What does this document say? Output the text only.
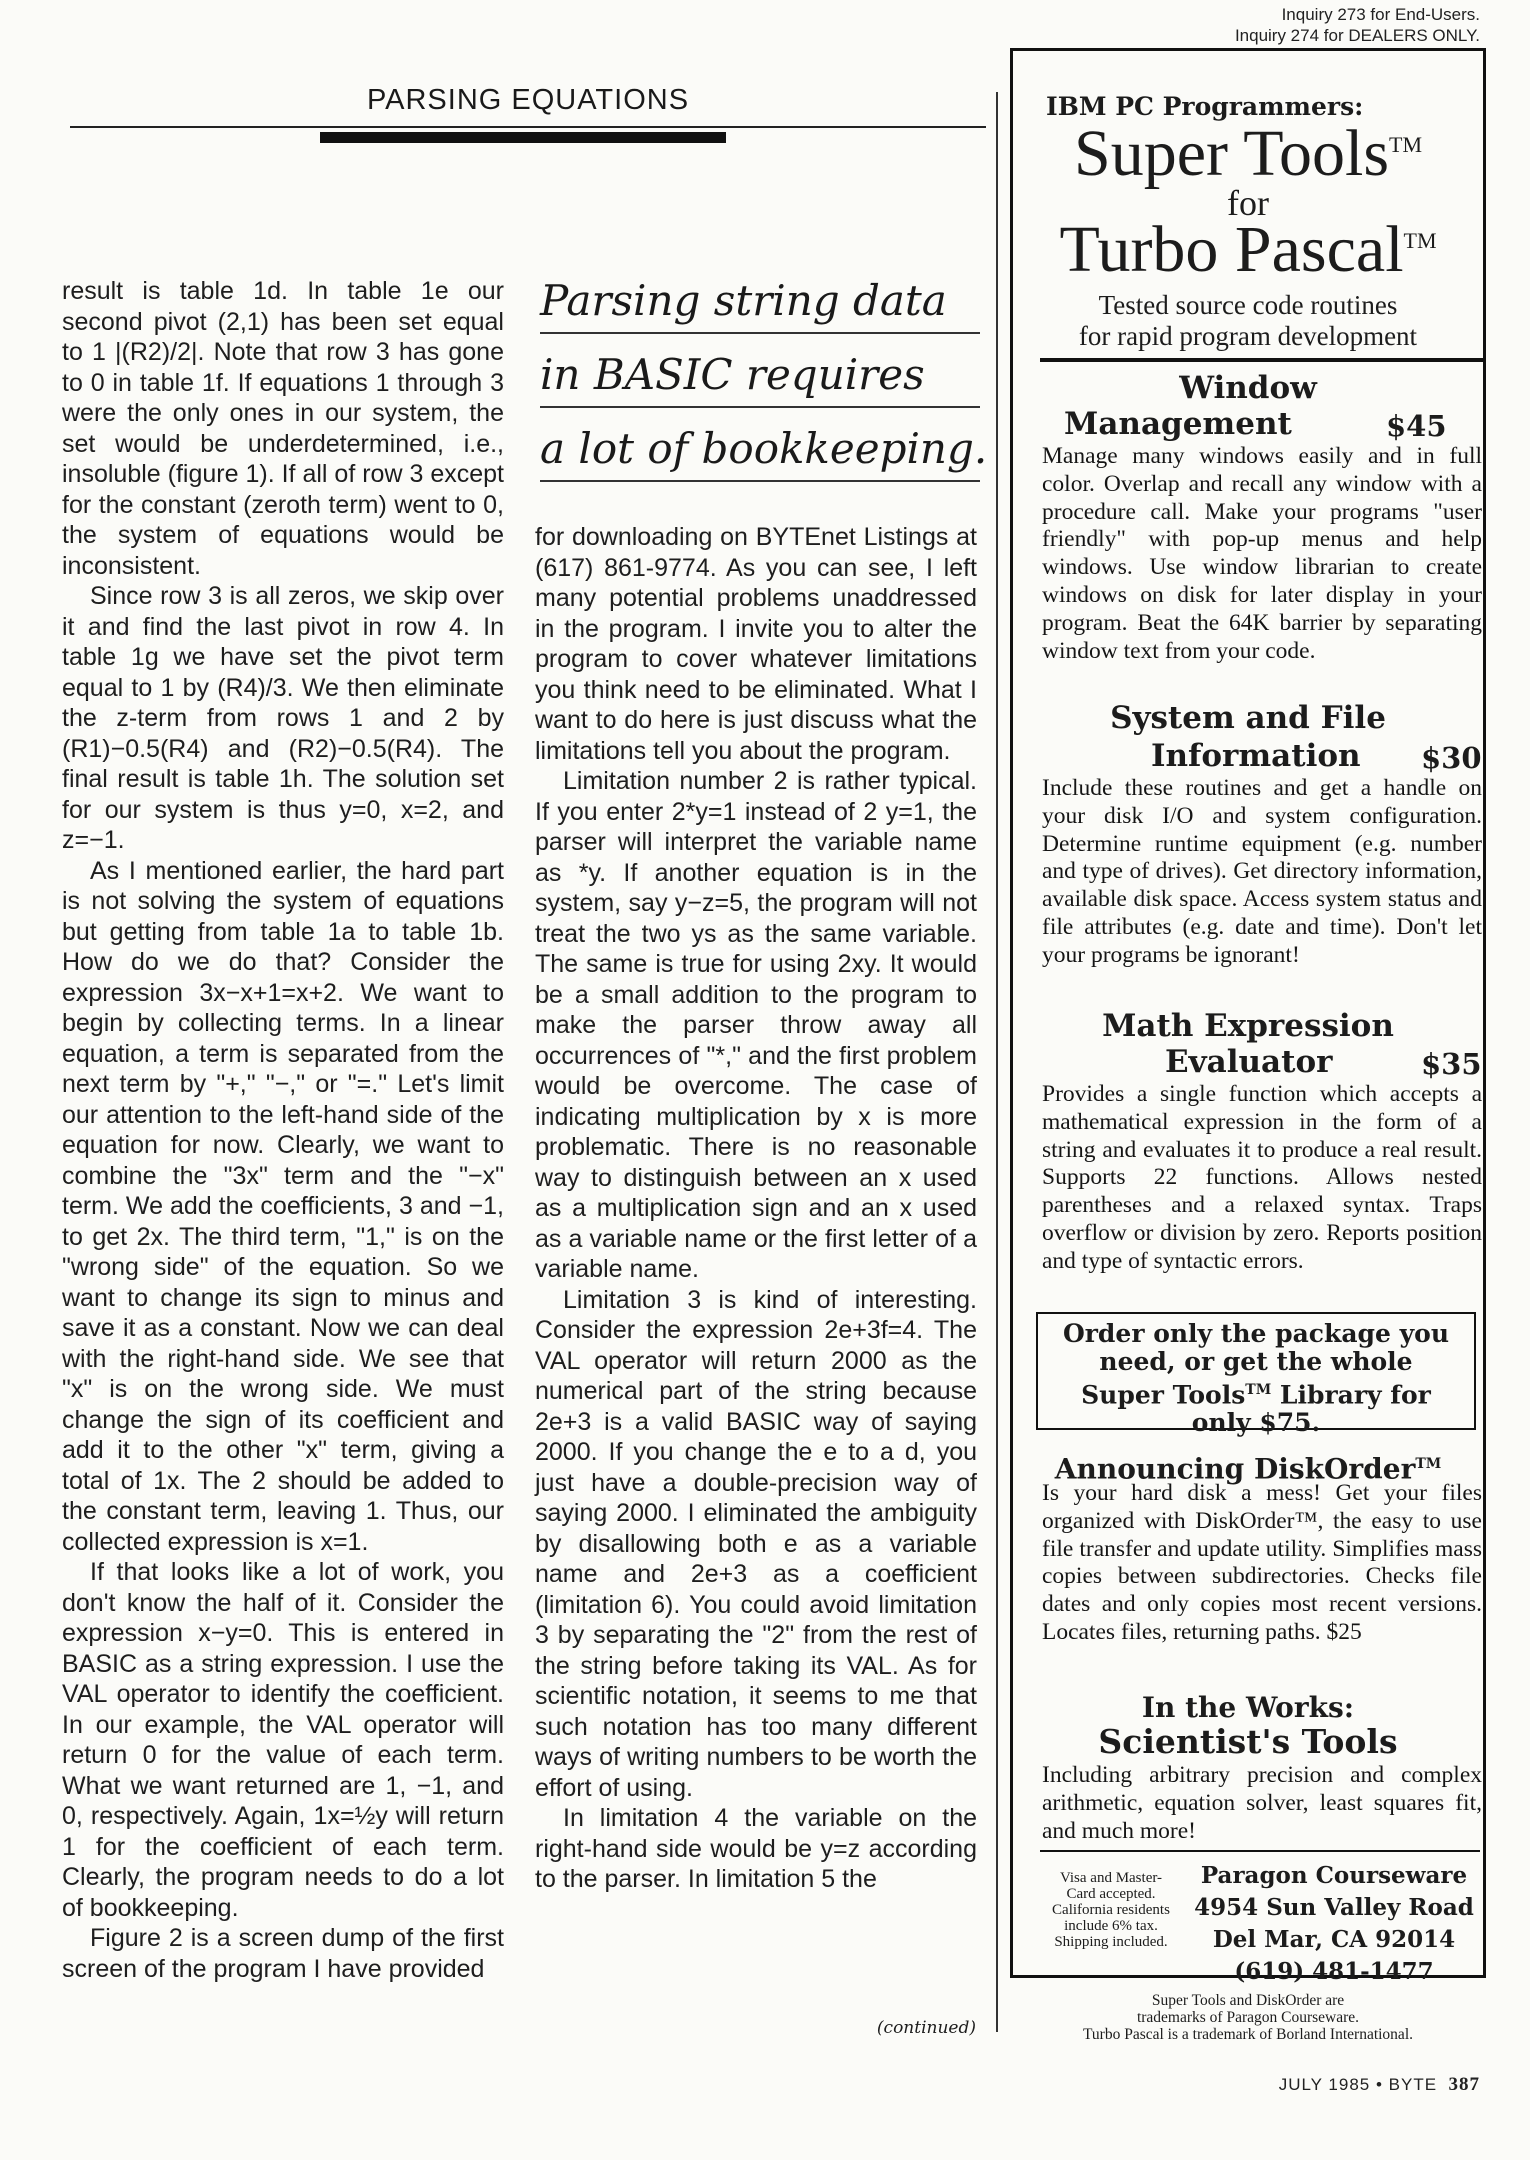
PARSING EQUATIONS

result is table 1d. In table 1e our second pivot (2,1) has been set equal to 1 |(R2)/2|. Note that row 3 has gone to 0 in table 1f. If equations 1 through 3 were the only ones in our system, the set would be underdetermined, i.e., insoluble (figure 1). If all of row 3 except for the constant (zeroth term) went to 0, the system of equations would be inconsistent.

Since row 3 is all zeros, we skip over it and find the last pivot in row 4. In table 1g we have set the pivot term equal to 1 by (R4)/3. We then eliminate the z-term from rows 1 and 2 by (R1)−0.5(R4) and (R2)−0.5(R4). The final result is table 1h. The solution set for our system is thus y=0, x=2, and z=−1.

As I mentioned earlier, the hard part is not solving the system of equations but getting from table 1a to table 1b. How do we do that? Consider the expression 3x−x+1=x+2. We want to begin by collecting terms. In a linear equation, a term is separated from the next term by "+," "−," or "=." Let's limit our attention to the left-hand side of the equation for now. Clearly, we want to combine the "3x" term and the "−x" term. We add the coefficients, 3 and −1, to get 2x. The third term, "1," is on the "wrong side" of the equation. So we want to change its sign to minus and save it as a constant. Now we can deal with the right-hand side. We see that "x" is on the wrong side. We must change the sign of its coefficient and add it to the other "x" term, giving a total of 1x. The 2 should be added to the constant term, leaving 1. Thus, our collected expression is x=1.

If that looks like a lot of work, you don't know the half of it. Consider the expression x−y=0. This is entered in BASIC as a string expression. I use the VAL operator to identify the coefficient. In our example, the VAL operator will return 0 for the value of each term. What we want returned are 1, −1, and 0, respectively. Again, 1x=½y will return 1 for the coefficient of each term. Clearly, the program needs to do a lot of bookkeeping.

Figure 2 is a screen dump of the first screen of the program I have provided

Parsing string data
in BASIC requires
a lot of bookkeeping.

for downloading on BYTEnet Listings at (617) 861-9774. As you can see, I left many potential problems unaddressed in the program. I invite you to alter the program to cover whatever limitations you think need to be eliminated. What I want to do here is just discuss what the limitations tell you about the program.

Limitation number 2 is rather typical. If you enter 2*y=1 instead of 2 y=1, the parser will interpret the variable name as *y. If another equation is in the system, say y−z=5, the program will not treat the two ys as the same variable. The same is true for using 2xy. It would be a small addition to the program to make the parser throw away all occurrences of "*," and the first problem would be overcome. The case of indicating multiplication by x is more problematic. There is no reasonable way to distinguish between an x used as a multiplication sign and an x used as a variable name or the first letter of a variable name.

Limitation 3 is kind of interesting. Consider the expression 2e+3f=4. The VAL operator will return 2000 as the numerical part of the string because 2e+3 is a valid BASIC way of saying 2000. If you change the e to a d, you just have a double-precision way of saying 2000. I eliminated the ambiguity by disallowing both e as a variable name and 2e+3 as a coefficient (limitation 6). You could avoid limitation 3 by separating the "2" from the rest of the string before taking its VAL. As for scientific notation, it seems to me that such notation has too many different ways of writing numbers to be worth the effort of using.

In limitation 4 the variable on the right-hand side would be y=z according to the parser. In limitation 5 the

(continued)
Inquiry 273 for End-Users.
Inquiry 274 for DEALERS ONLY.
IBM PC Programmers:
Super Tools™
for
Turbo Pascal™
Tested source code routines
for rapid program development
Window
Management	$45
Manage many windows easily and in full color. Overlap and recall any window with a procedure call. Make your programs "user friendly" with pop-up menus and help windows. Use window librarian to create windows on disk for later display in your program. Beat the 64K barrier by separating window text from your code.
System and File
Information $30
Include these routines and get a handle on your disk I/O and system configuration. Determine runtime equipment (e.g. number and type of drives). Get directory information, available disk space. Access system status and file attributes (e.g. date and time). Don't let your programs be ignorant!
Math Expression
Evaluator	$35
Provides a single function which accepts a mathematical expression in the form of a string and evaluates it to produce a real result. Supports 22 functions. Allows nested parentheses and a relaxed syntax. Traps overflow or division by zero. Reports position and type of syntactic errors.
Order only the package you
need, or get the whole
Super Tools™ Library for
only $75.
Announcing DiskOrder™
Is your hard disk a mess! Get your files organized with DiskOrder™, the easy to use file transfer and update utility. Simplifies mass copies between subdirectories. Checks file dates and only copies most recent versions. Locates files, returning paths. $25
In the Works:
Scientist's Tools
Including arbitrary precision and complex arithmetic, equation solver, least squares fit, and much more!
Visa and Master-
Card accepted.
California residents
include 6% tax.
Shipping included.
Paragon Courseware
4954 Sun Valley Road
Del Mar, CA 92014
(619) 481-1477
Super Tools and DiskOrder are
trademarks of Paragon Courseware.
Turbo Pascal is a trademark of Borland International.
JULY 1985 • BYTE 387
